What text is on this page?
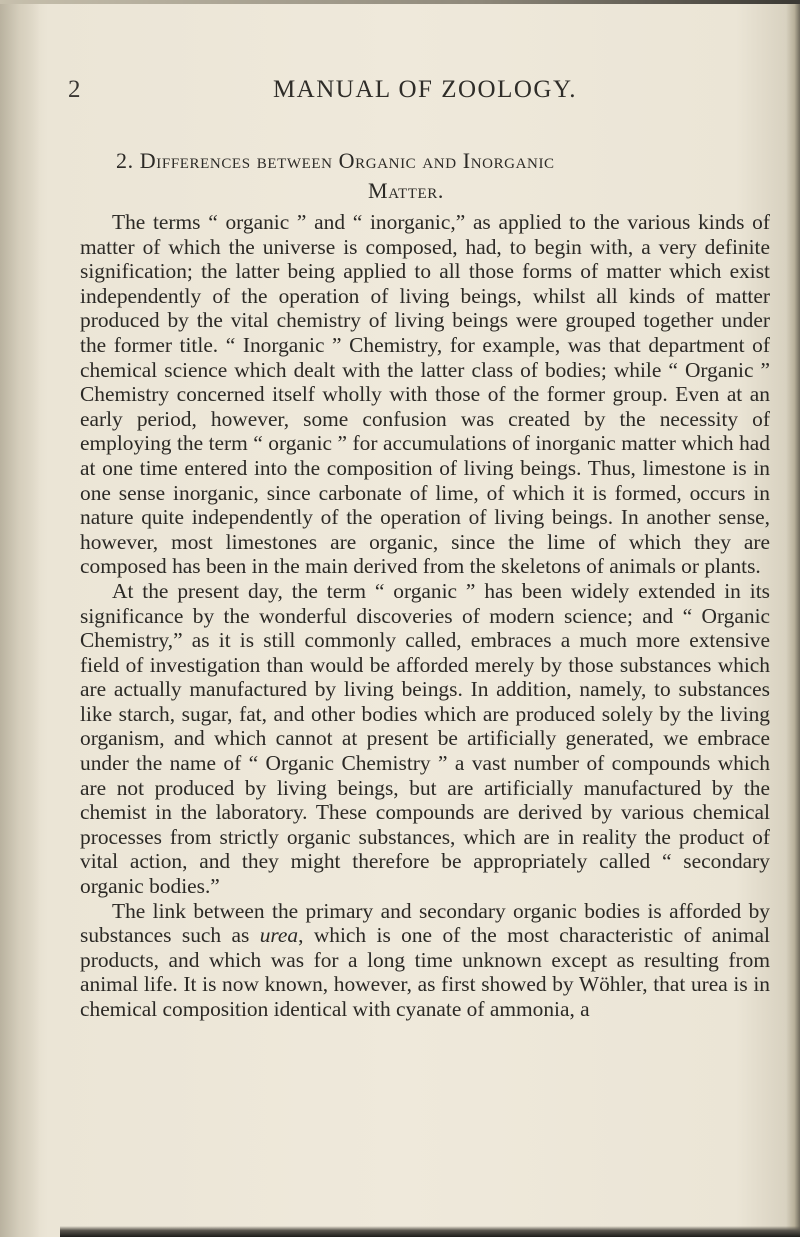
2	MANUAL OF ZOOLOGY.
2. Differences between Organic and Inorganic
Matter.

The terms “ organic ” and “ inorganic,” as applied to the various kinds of matter of which the universe is composed, had, to begin with, a very definite signification; the latter being applied to all those forms of matter which exist independently of the operation of living beings, whilst all kinds of matter produced by the vital chemistry of living beings were grouped together under the former title. “ Inorganic ” Chemistry, for example, was that department of chemical science which dealt with the latter class of bodies; while “ Organic ” Chemistry concerned itself wholly with those of the former group. Even at an early period, however, some confusion was created by the necessity of employing the term “ organic ” for accumulations of inorganic matter which had at one time entered into the composition of living beings. Thus, limestone is in one sense inorganic, since carbonate of lime, of which it is formed, occurs in nature quite independently of the operation of living beings. In another sense, however, most limestones are organic, since the lime of which they are composed has been in the main derived from the skeletons of animals or plants.

At the present day, the term “ organic ” has been widely extended in its significance by the wonderful discoveries of modern science; and “ Organic Chemistry,” as it is still commonly called, embraces a much more extensive field of investigation than would be afforded merely by those substances which are actually manufactured by living beings. In addition, namely, to substances like starch, sugar, fat, and other bodies which are produced solely by the living organism, and which cannot at present be artificially generated, we embrace under the name of “ Organic Chemistry ” a vast number of compounds which are not produced by living beings, but are artificially manufactured by the chemist in the laboratory. These compounds are derived by various chemical processes from strictly organic substances, which are in reality the product of vital action, and they might therefore be appropriately called “ secondary organic bodies.”

The link between the primary and secondary organic bodies is afforded by substances such as urea, which is one of the most characteristic of animal products, and which was for a long time unknown except as resulting from animal life. It is now known, however, as first showed by Wöhler, that urea is in chemical composition identical with cyanate of ammonia, a
